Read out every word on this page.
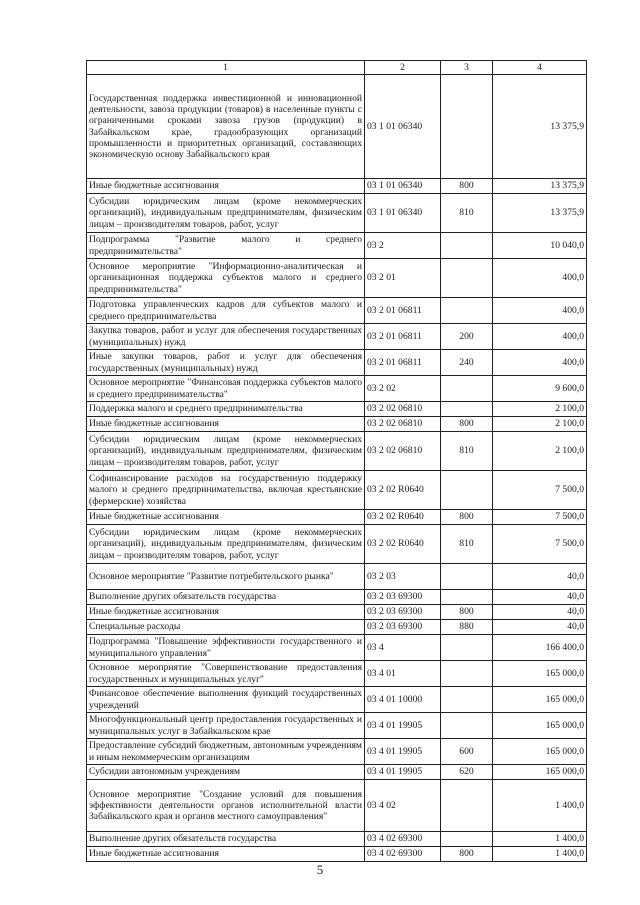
1	2	3	4
Государственная поддержка инвестиционной и инновационной деятельности, завоза продукции (товаров) в населенные пункты с ограниченными сроками завоза грузов (продукции) в Забайкальском крае, градообразующих организаций промышленности и приоритетных организаций, составляющих экономическую основу Забайкальского края	03 1 01 06340		13 375,9
Иные бюджетные ассигнования	03 1 01 06340	800	13 375,9
Субсидии юридическим лицам (кроме некоммерческих организаций), индивидуальным предпринимателям, физическим лицам – производителям товаров, работ, услуг	03 1 01 06340	810	13 375,9
Подпрограмма "Развитие малого и среднего предпринимательства"	03 2		10 040,0
Основное мероприятие "Информационно-аналитическая и организационная поддержка субъектов малого и среднего предпринимательства"	03 2 01		400,0
Подготовка управленческих кадров для субъектов малого и среднего предпринимательства	03 2 01 06811		400,0
Закупка товаров, работ и услуг для обеспечения государственных (муниципальных) нужд	03 2 01 06811	200	400,0
Иные закупки товаров, работ и услуг для обеспечения государственных (муниципальных) нужд	03 2 01 06811	240	400,0
Основное мероприятие "Финансовая поддержка субъектов малого и среднего предпринимательства"	03 2 02		9 600,0
Поддержка малого и среднего предпринимательства	03 2 02 06810		2 100,0
Иные бюджетные ассигнования	03 2 02 06810	800	2 100,0
Субсидии юридическим лицам (кроме некоммерческих организаций), индивидуальным предпринимателям, физическим лицам – производителям товаров, работ, услуг	03 2 02 06810	810	2 100,0
Софинансирование расходов на государственную поддержку малого и среднего предпринимательства, включая крестьянские (фермерские) хозяйства	03 2 02 R0640		7 500,0
Иные бюджетные ассигнования	03 2 02 R0640	800	7 500,0
Субсидии юридическим лицам (кроме некоммерческих организаций), индивидуальным предпринимателям, физическим лицам – производителям товаров, работ, услуг	03 2 02 R0640	810	7 500,0
Основное мероприятие "Развитие потребительского рынка"	03 2 03		40,0
Выполнение других обязательств государства	03 2 03 69300		40,0
Иные бюджетные ассигнования	03 2 03 69300	800	40,0
Специальные расходы	03 2 03 69300	880	40,0
Подпрограмма "Повышение эффективности государственного и муниципального управления"	03 4		166 400,0
Основное мероприятие "Совершенствование предоставления государственных и муниципальных услуг"	03 4 01		165 000,0
Финансовое обеспечение выполнения функций государственных учреждений	03 4 01 10000		165 000,0
Многофункциональный центр предоставления государственных и муниципальных услуг в Забайкальском крае	03 4 01 19905		165 000,0
Предоставление субсидий бюджетным, автономным учреждениям и иным некоммерческим организациям	03 4 01 19905	600	165 000,0
Субсидии автономным учреждениям	03 4 01 19905	620	165 000,0
Основное мероприятие "Создание условий для повышения эффективности деятельности органов исполнительной власти Забайкальского края и органов местного самоуправления"	03 4 02		1 400,0
Выполнение других обязательств государства	03 4 02 69300		1 400,0
Иные бюджетные ассигнования	03 4 02 69300	800	1 400,0
5
